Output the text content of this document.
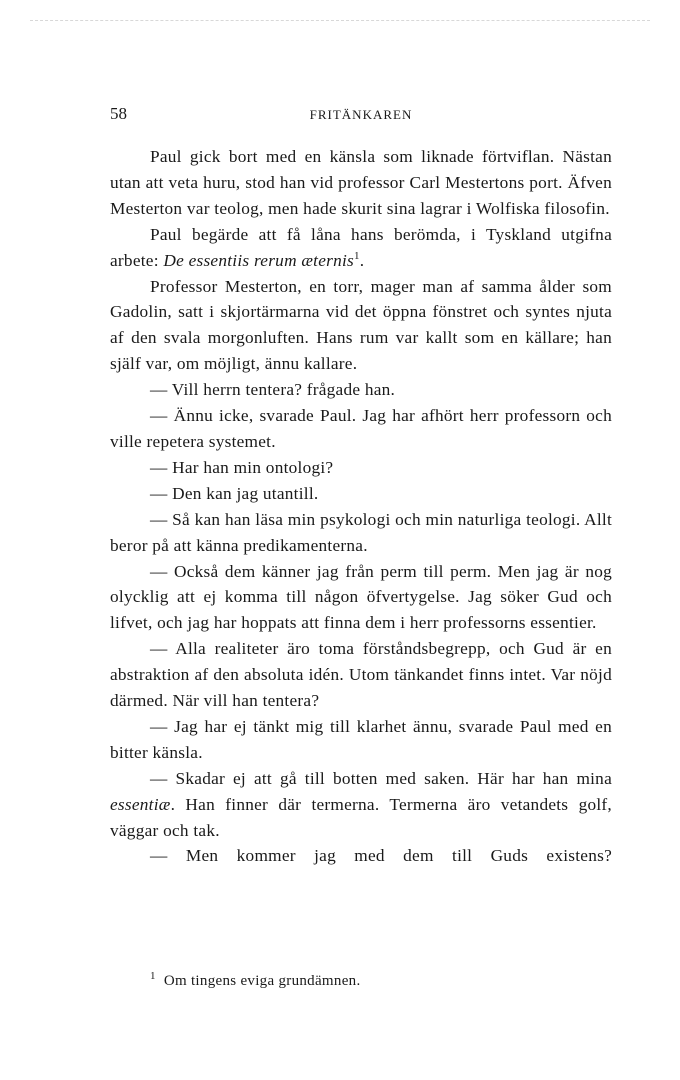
58	FRITÄNKAREN

Paul gick bort med en känsla som liknade förtviflan. Nästan utan att veta huru, stod han vid professor Carl Mestertons port. Äfven Mesterton var teolog, men hade skurit sina lagrar i Wolfiska filosofin.

Paul begärde att få låna hans berömda, i Tyskland utgifna arbete: De essentiis rerum æternis$^1$.

Professor Mesterton, en torr, mager man af samma ålder som Gadolin, satt i skjortärmarna vid det öppna fönstret och syntes njuta af den svala morgonluften. Hans rum var kallt som en källare; han själf var, om möjligt, ännu kallare.

— Vill herrn tentera? frågade han.

— Ännu icke, svarade Paul. Jag har afhört herr professorn och ville repetera systemet.

— Har han min ontologi?

— Den kan jag utantill.

— Så kan han läsa min psykologi och min naturliga teologi. Allt beror på att känna predikamenterna.

— Också dem känner jag från perm till perm. Men jag är nog olycklig att ej komma till någon öfvertygelse. Jag söker Gud och lifvet, och jag har hoppats att finna dem i herr professorns essentier.

— Alla realiteter äro toma förståndsbegrepp, och Gud är en abstraktion af den absoluta idén. Utom tänkandet finns intet. Var nöjd därmed. När vill han tentera?

— Jag har ej tänkt mig till klarhet ännu, svarade Paul med en bitter känsla.

— Skadar ej att gå till botten med saken. Här har han mina essentiæ. Han finner där termerna. Termerna äro vetandets golf, väggar och tak.

— Men kommer jag med dem till Guds existens?

$^1$ Om tingens eviga grundämnen.
